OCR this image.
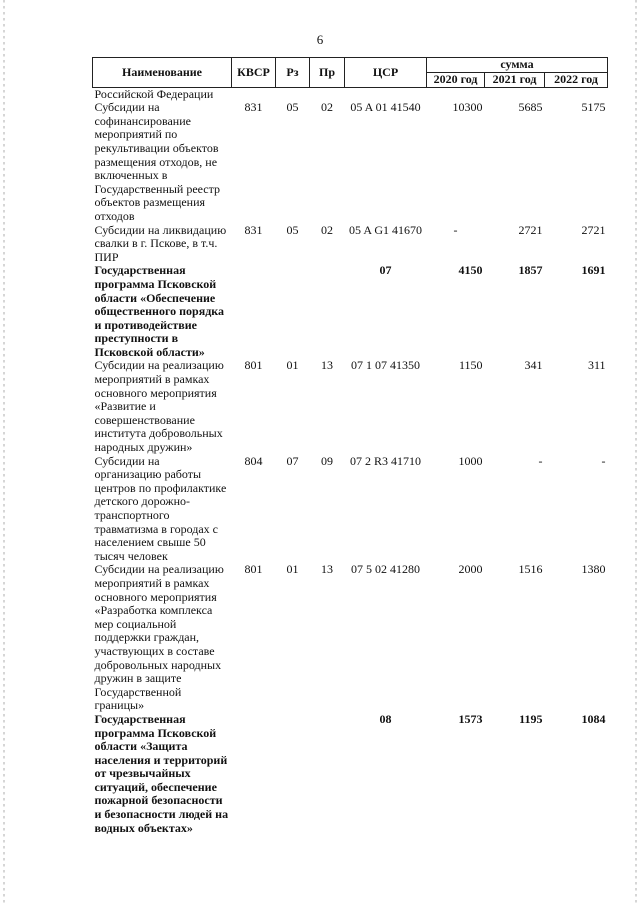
6
Наименование	КВСР	Рз	Пр	ЦСР	сумма		
					2020 год	2021 год	2022 год
Российской Федерации							
Субсидии на софинансирование мероприятий по рекультивации объектов размещения отходов, не включенных в Государственный реестр объектов размещения отходов	831	05	02	05 A 01 41540	10300	5685	5175
Субсидии на ликвидацию свалки в г. Пскове, в т.ч. ПИР	831	05	02	05 A G1 41670	-	2721	2721
Государственная программа Псковской области «Обеспечение общественного порядка и противодействие преступности в Псковской области»				07	4150	1857	1691
Субсидии на реализацию мероприятий в рамках основного мероприятия «Развитие и совершенствование института добровольных народных дружин»	801	01	13	07 1 07 41350	1150	341	311
Субсидии на организацию работы центров по профилактике детского дорожно-транспортного травматизма в городах с населением свыше 50 тысяч человек	804	07	09	07 2 R3 41710	1000	-	-
Субсидии на реализацию мероприятий в рамках основного мероприятия «Разработка комплекса мер социальной поддержки граждан, участвующих в составе добровольных народных дружин в защите Государственной границы»	801	01	13	07 5 02 41280	2000	1516	1380
Государственная программа Псковской области «Защита населения и территорий от чрезвычайных ситуаций, обеспечение пожарной безопасности и безопасности людей на водных объектах»				08	1573	1195	1084
